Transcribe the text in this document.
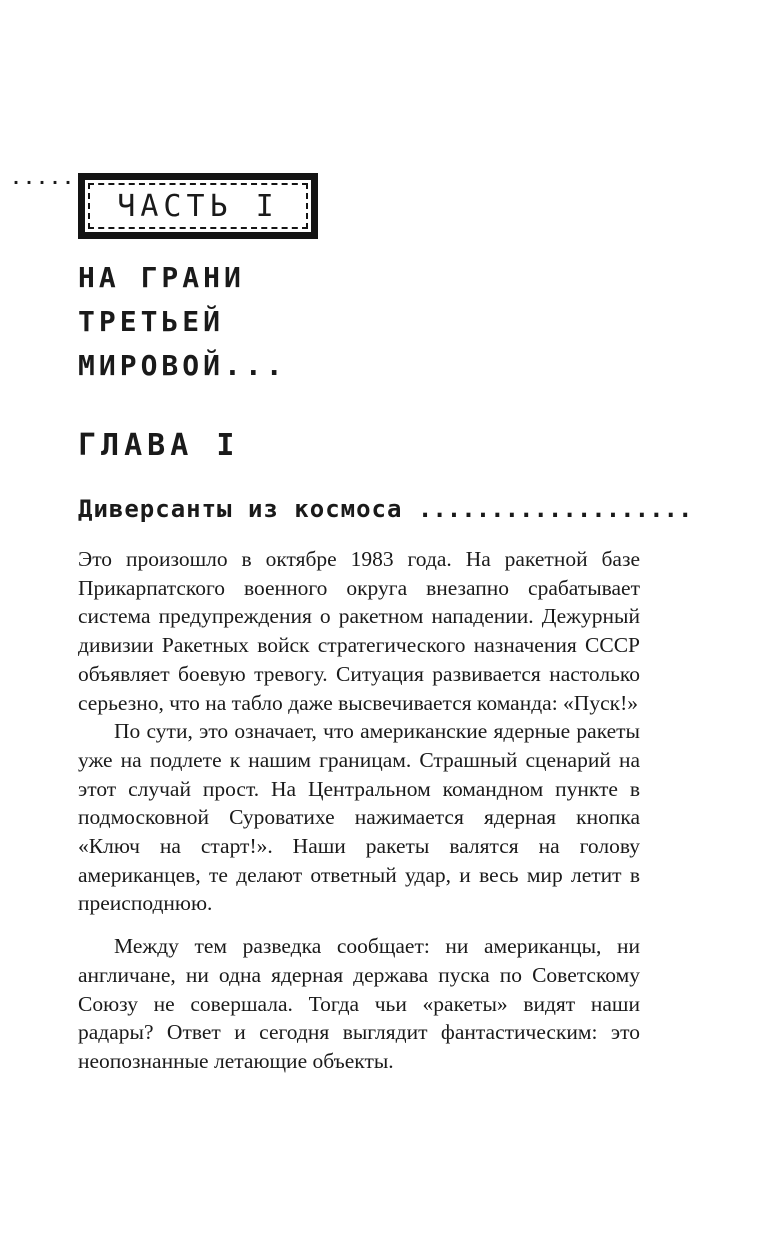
......
ЧАСТЬ I
НА ГРАНИ
ТРЕТЬЕЙ
МИРОВОЙ...
ГЛАВА I
Диверсанты из космоса ...................

Это произошло в октябре 1983 года. На ракетной базе Прикарпатского военного округа внезапно срабатывает система предупреждения о ракетном нападении. Дежурный дивизии Ракетных войск стратегического назначения СССР объявляет боевую тревогу. Ситуация развивается настолько серьезно, что на табло даже высвечивается команда: «Пуск!»

По сути, это означает, что американские ядерные ракеты уже на подлете к нашим границам. Страшный сценарий на этот случай прост. На Центральном командном пункте в подмосковной Суроватихе нажимается ядерная кнопка «Ключ на старт!». Наши ракеты валятся на голову американцев, те делают ответный удар, и весь мир летит в преисподнюю.

Между тем разведка сообщает: ни американцы, ни англичане, ни одна ядерная держава пуска по Советскому Союзу не совершала. Тогда чьи «ракеты» видят наши радары? Ответ и сегодня выглядит фантастическим: это неопознанные летающие объекты.
